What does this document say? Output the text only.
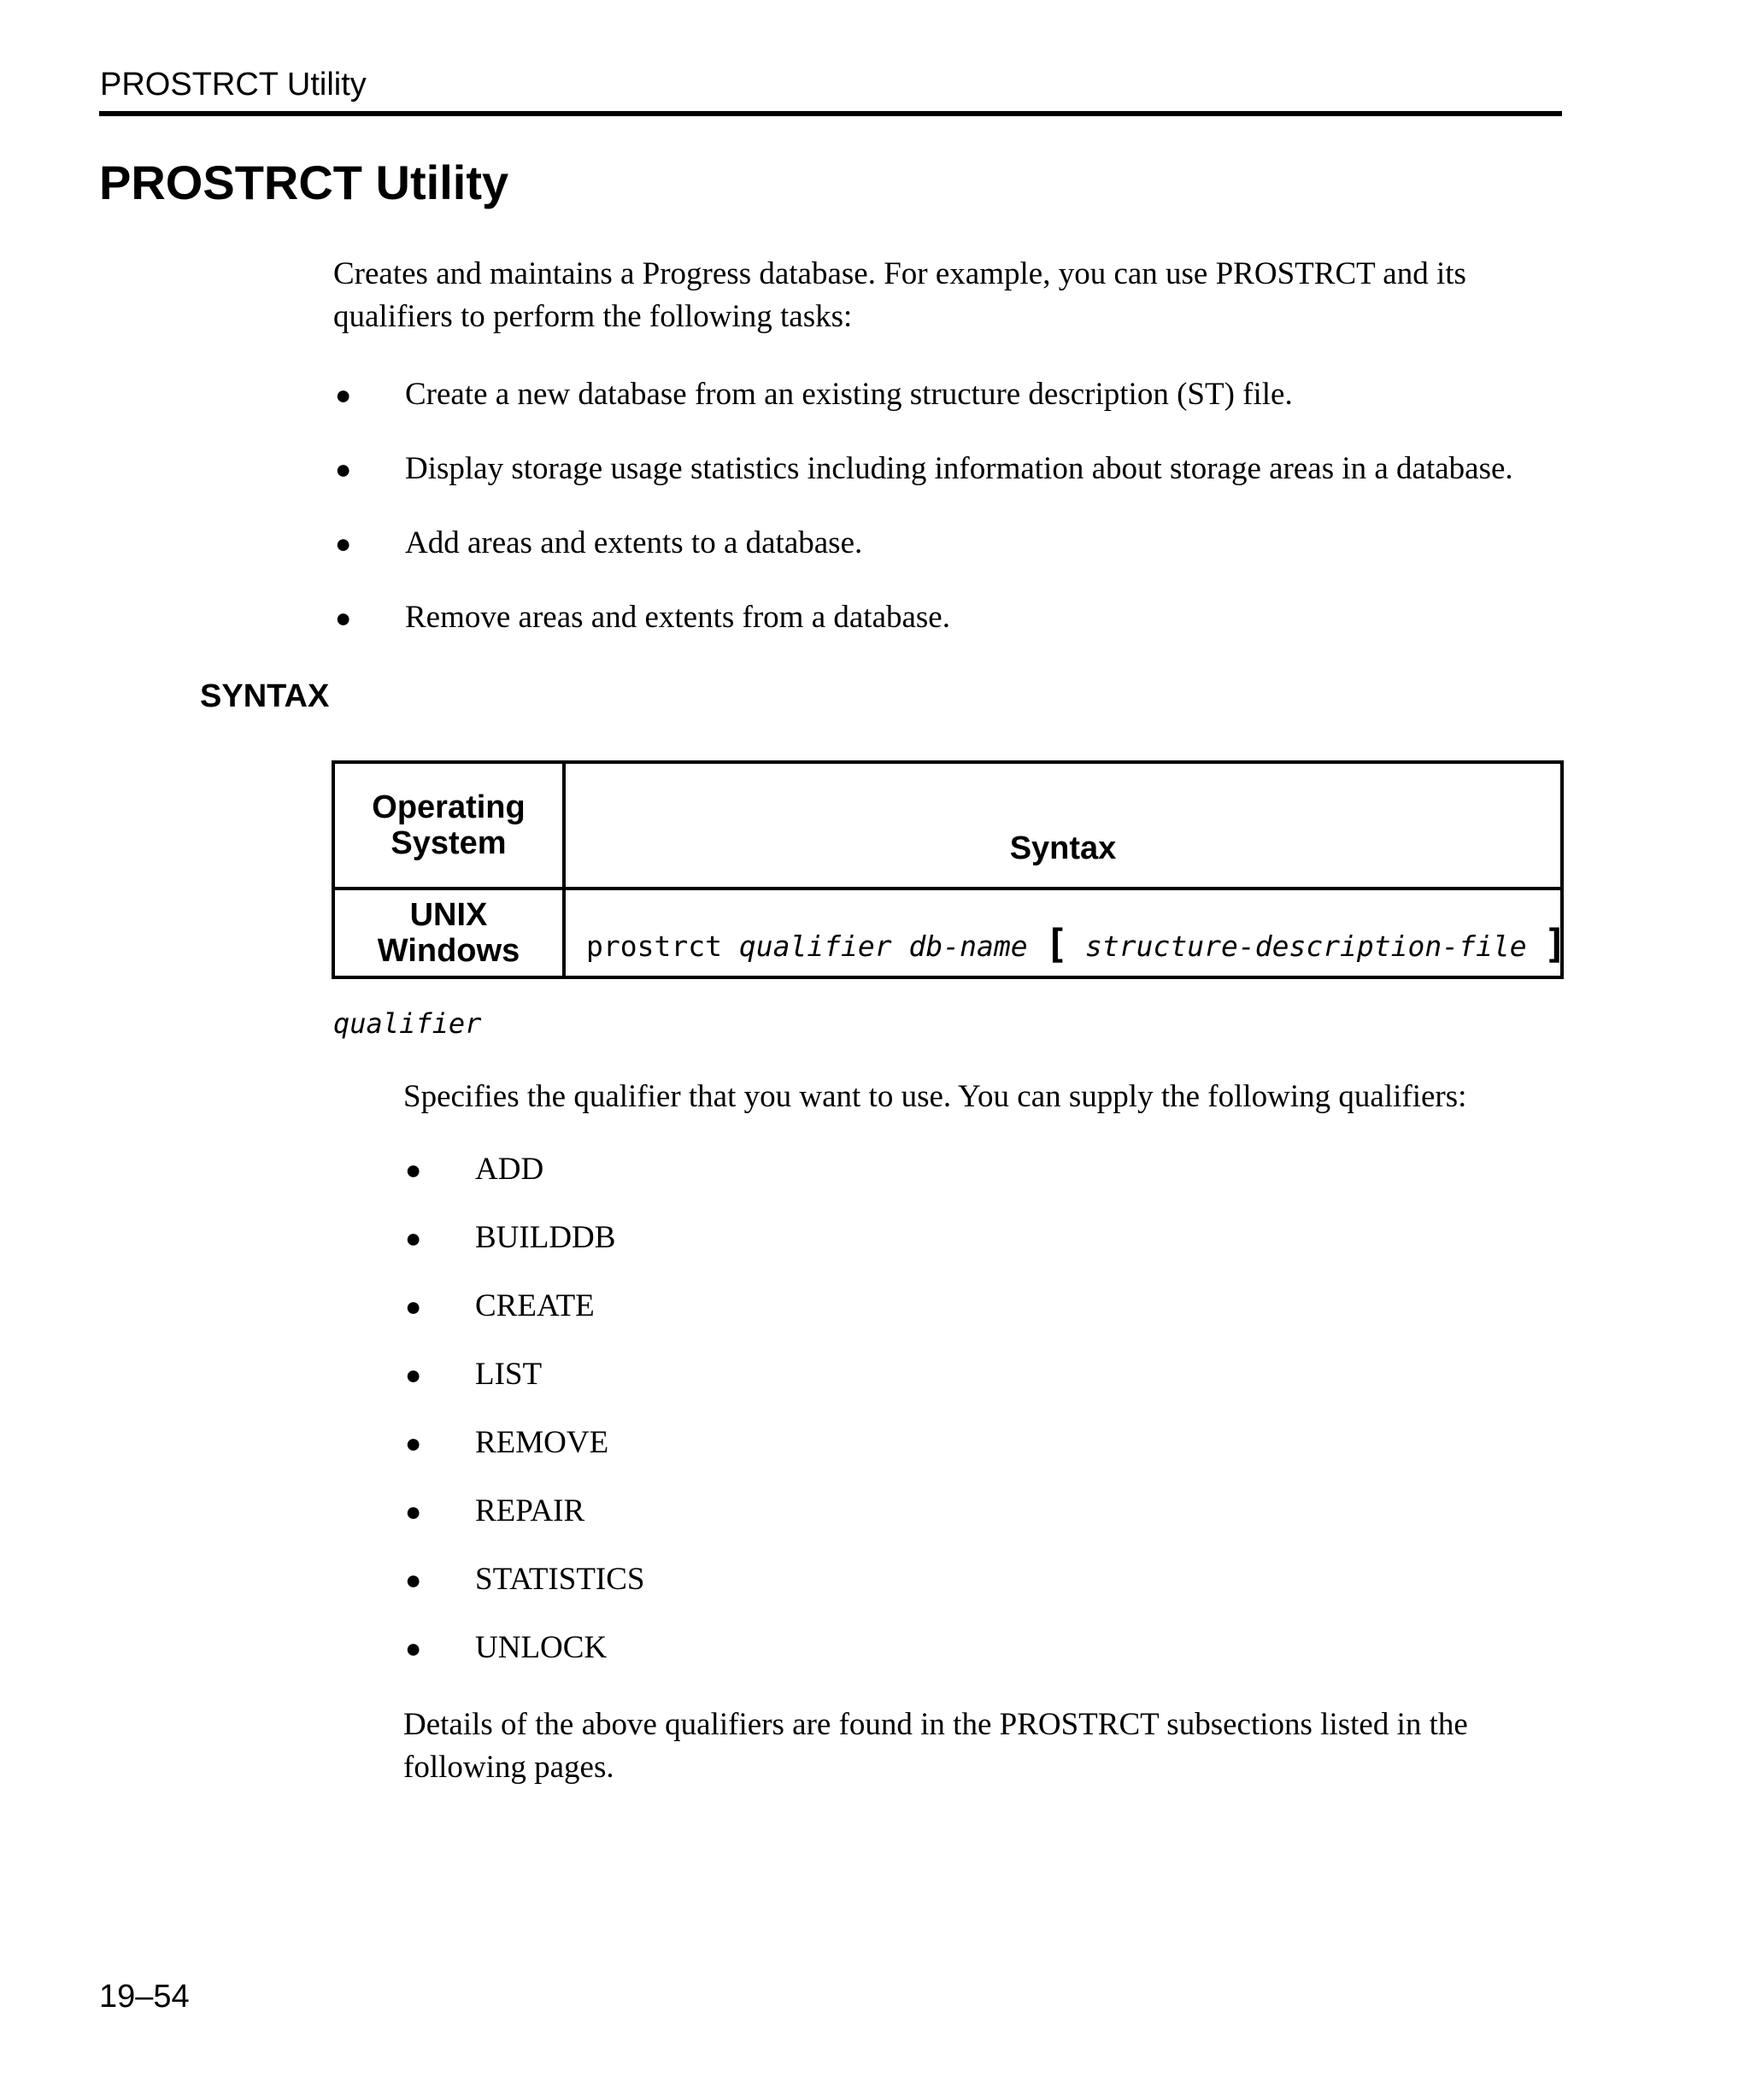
PROSTRCT Utility
PROSTRCT Utility

Creates and maintains a Progress database. For example, you can use PROSTRCT and its qualifiers to perform the following tasks:

● Create a new database from an existing structure description (ST) file.
● Display storage usage statistics including information about storage areas in a database.
● Add areas and extents to a database.
● Remove areas and extents from a database.
SYNTAX
Operating
System	Syntax
UNIX
Windows	prostrct qualifier db-name [ structure-description-file ]

qualifier

Specifies the qualifier that you want to use. You can supply the following qualifiers:

● ADD
● BUILDDB
● CREATE
● LIST
● REMOVE
● REPAIR
● STATISTICS
● UNLOCK

Details of the above qualifiers are found in the PROSTRCT subsections listed in the following pages.

19–54
